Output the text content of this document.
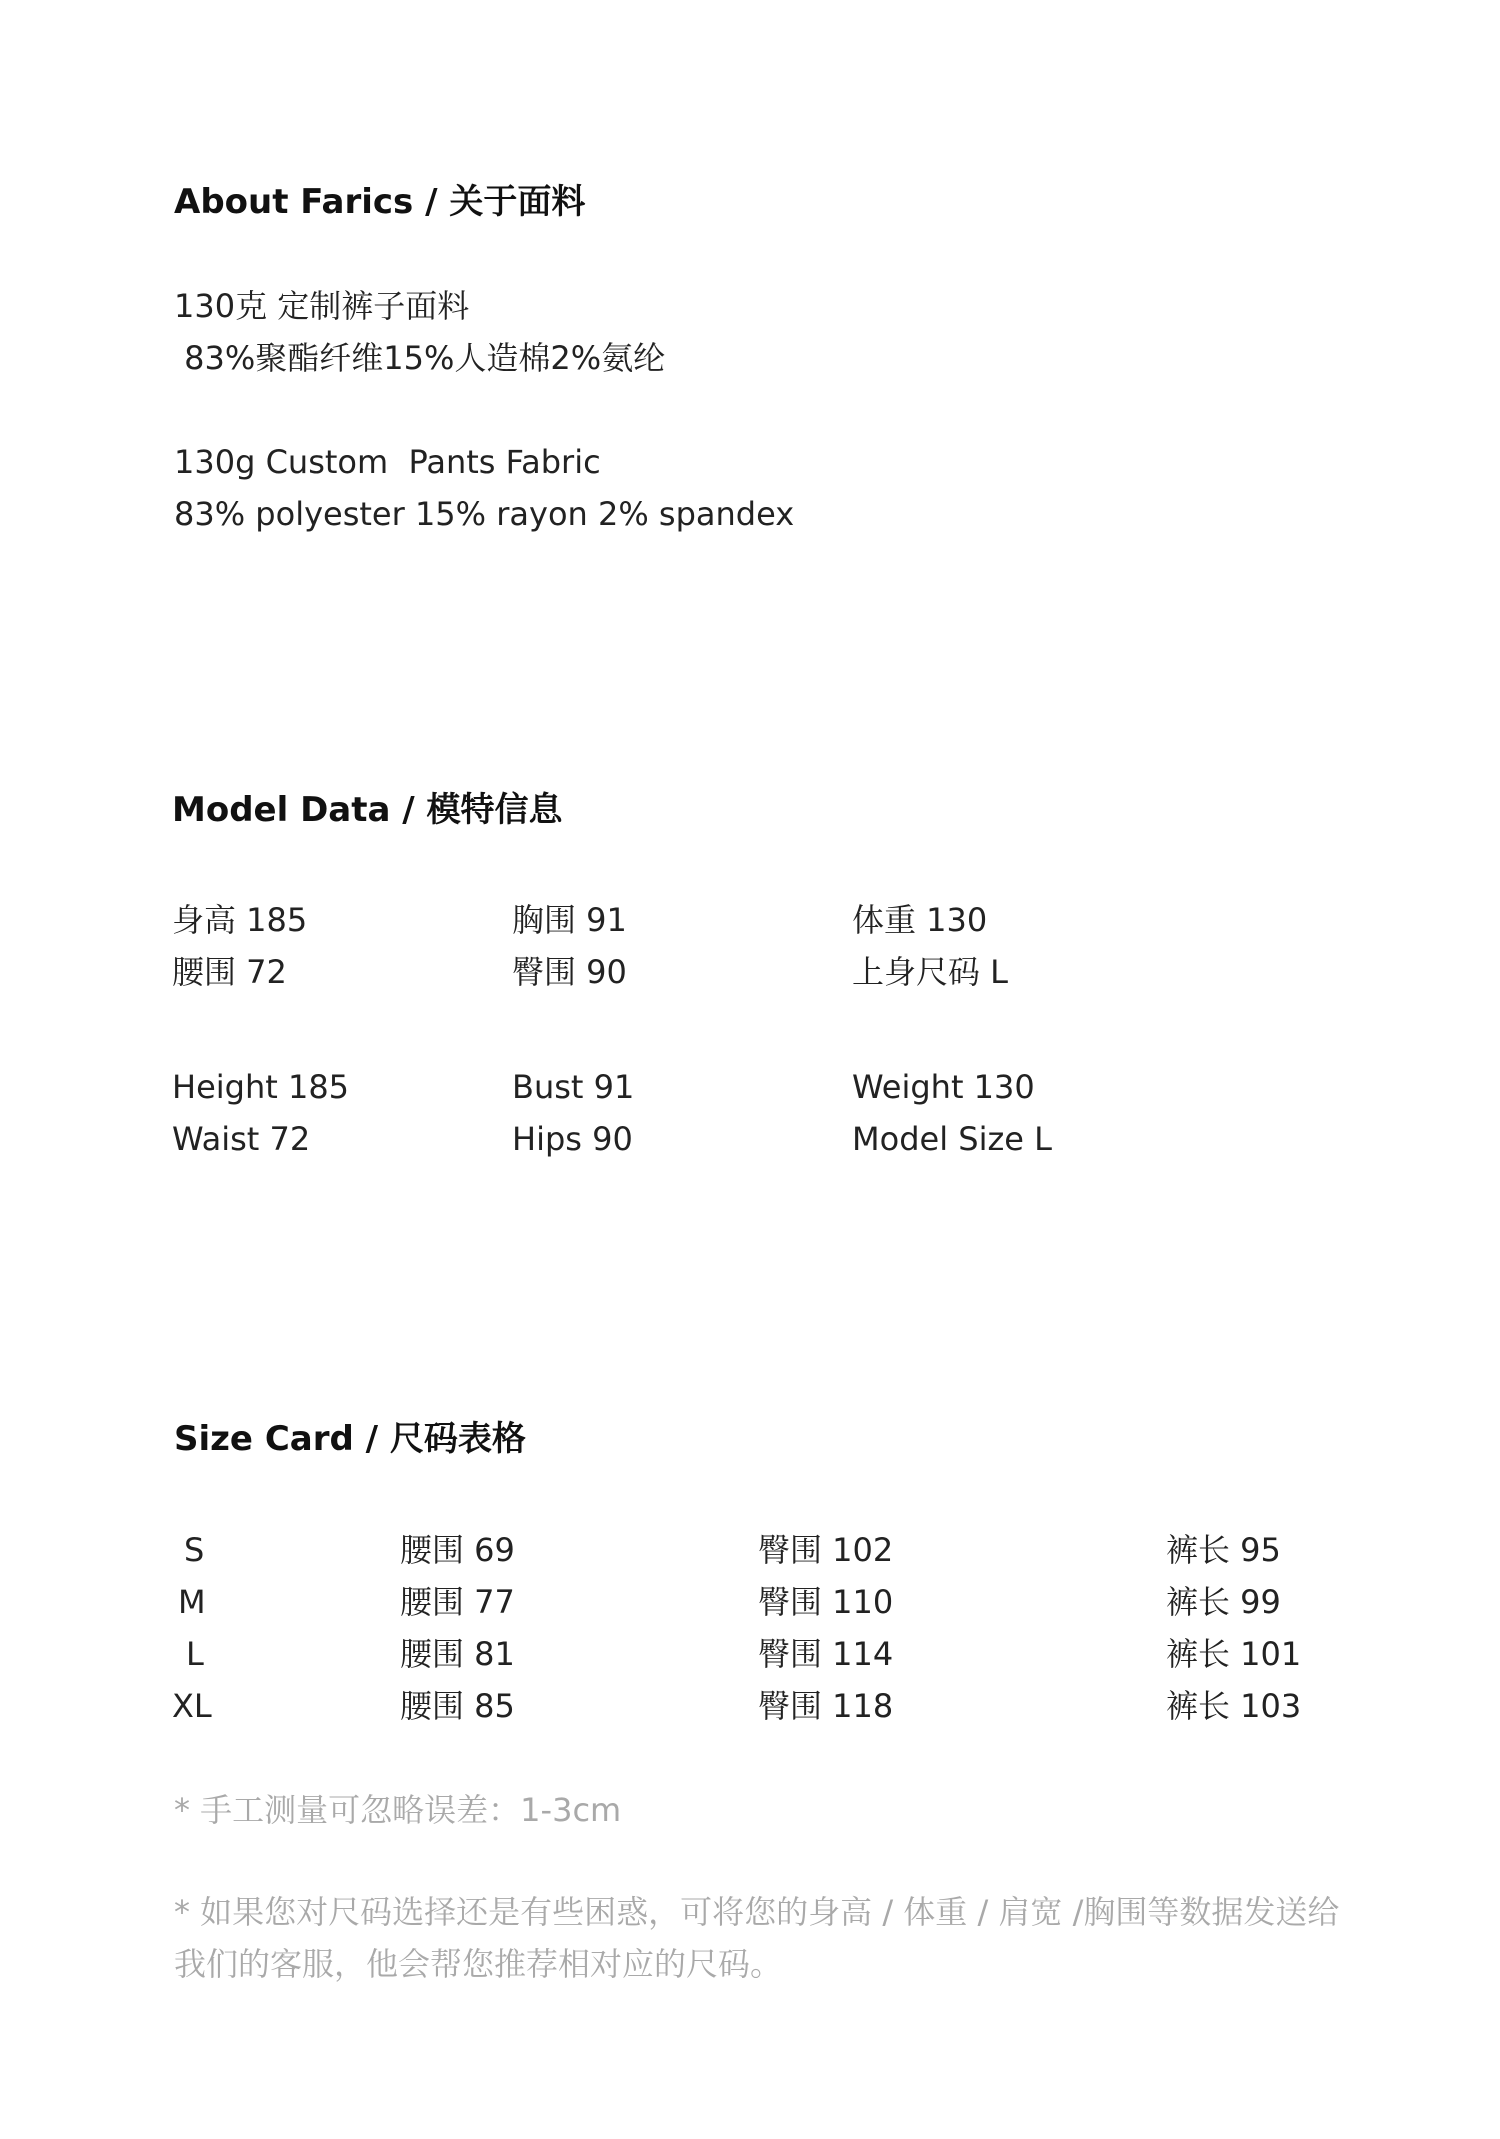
About Farics / 关于面料
130克 定制裤子面料
83%聚酯纤维15%人造棉2%氨纶
130g Custom  Pants Fabric
83% polyester 15% rayon 2% spandex
Model Data / 模特信息
身高 185	胸围 91	体重 130
腰围 72	臀围 90	上身尺码 L
Height 185	Bust 91	Weight 130
Waist 72	Hips 90	Model Size L
Size Card / 尺码表格
S	腰围 69	臀围 102	裤长 95
M	腰围 77	臀围 110	裤长 99
L	腰围 81	臀围 114	裤长 101
XL	腰围 85	臀围 118	裤长 103
* 手工测量可忽略误差：1-3cm
* 如果您对尺码选择还是有些困惑，可将您的身高 / 体重 / 肩宽 /胸围等数据发送给我们的客服，他会帮您推荐相对应的尺码。
